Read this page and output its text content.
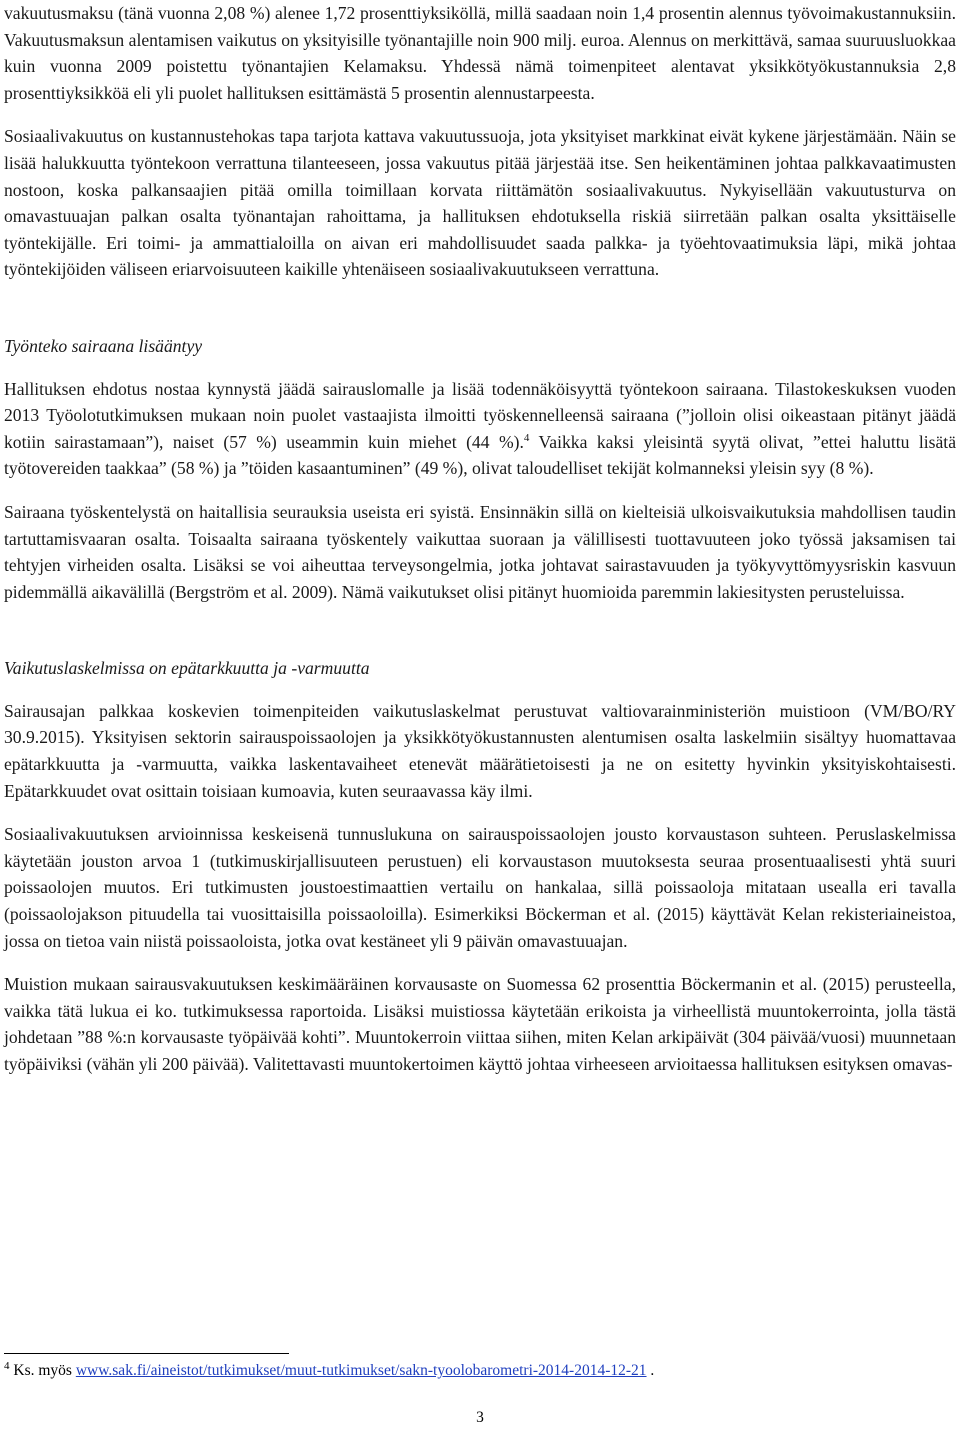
vakuutusmaksu (tänä vuonna 2,08 %) alenee 1,72 prosenttiyksiköllä, millä saadaan noin 1,4 prosentin alennus työvoimakustannuksiin. Vakuutusmaksun alentamisen vaikutus on yksityisille työnantajille noin 900 milj. euroa. Alennus on merkittävä, samaa suuruusluokkaa kuin vuonna 2009 poistettu työnantajien Kelamaksu. Yhdessä nämä toimenpiteet alentavat yksikkötyökustannuksia 2,8 prosenttiyksikköä eli yli puolet hallituksen esittämästä 5 prosentin alennustarpeesta.

Sosiaalivakuutus on kustannustehokas tapa tarjota kattava vakuutussuoja, jota yksityiset markkinat eivät kykene järjestämään. Näin se lisää halukkuutta työntekoon verrattuna tilanteeseen, jossa vakuutus pitää järjestää itse. Sen heikentäminen johtaa palkkavaatimusten nostoon, koska palkansaajien pitää omilla toimillaan korvata riittämätön sosiaalivakuutus. Nykyisellään vakuutusturva on omavastuuajan palkan osalta työnantajan rahoittama, ja hallituksen ehdotuksella riskiä siirretään palkan osalta yksittäiselle työntekijälle. Eri toimi- ja ammattialoilla on aivan eri mahdollisuudet saada palkka- ja työehtovaatimuksia läpi, mikä johtaa työntekijöiden väliseen eriarvoisuuteen kaikille yhtenäiseen sosiaalivakuutukseen verrattuna.

Työnteko sairaana lisääntyy

Hallituksen ehdotus nostaa kynnystä jäädä sairauslomalle ja lisää todennäköisyyttä työntekoon sairaana. Tilastokeskuksen vuoden 2013 Työolotutkimuksen mukaan noin puolet vastaajista ilmoitti työskennelleensä sairaana (”jolloin olisi oikeastaan pitänyt jäädä kotiin sairastamaan”), naiset (57 %) useammin kuin miehet (44 %).$^4$ Vaikka kaksi yleisintä syytä olivat, ”ettei haluttu lisätä työtovereiden taakkaa” (58 %) ja ”töiden kasaantuminen” (49 %), olivat taloudelliset tekijät kolmanneksi yleisin syy (8 %).

Sairaana työskentelystä on haitallisia seurauksia useista eri syistä. Ensinnäkin sillä on kielteisiä ulkoisvaikutuksia mahdollisen taudin tartuttamisvaaran osalta. Toisaalta sairaana työskentely vaikuttaa suoraan ja välillisesti tuottavuuteen joko työssä jaksamisen tai tehtyjen virheiden osalta. Lisäksi se voi aiheuttaa terveysongelmia, jotka johtavat sairastavuuden ja työkyvyttömyysriskin kasvuun pidemmällä aikavälillä (Bergström et al. 2009). Nämä vaikutukset olisi pitänyt huomioida paremmin lakiesitysten perusteluissa.

Vaikutuslaskelmissa on epätarkkuutta ja -varmuutta

Sairausajan palkkaa koskevien toimenpiteiden vaikutuslaskelmat perustuvat valtiovarainministeriön muistioon (VM/BO/RY 30.9.2015). Yksityisen sektorin sairauspoissaolojen ja yksikkötyökustannusten alentumisen osalta laskelmiin sisältyy huomattavaa epätarkkuutta ja -varmuutta, vaikka laskentavaiheet etenevät määrätietoisesti ja ne on esitetty hyvinkin yksityiskohtaisesti. Epätarkkuudet ovat osittain toisiaan kumoavia, kuten seuraavassa käy ilmi.

Sosiaalivakuutuksen arvioinnissa keskeisenä tunnuslukuna on sairauspoissaolojen jousto korvaustason suhteen. Peruslaskelmissa käytetään jouston arvoa 1 (tutkimuskirjallisuuteen perustuen) eli korvaustason muutoksesta seuraa prosentuaalisesti yhtä suuri poissaolojen muutos. Eri tutkimusten joustoestimaattien vertailu on hankalaa, sillä poissaoloja mitataan usealla eri tavalla (poissaolojakson pituudella tai vuosittaisilla poissaoloilla). Esimerkiksi Böckerman et al. (2015) käyttävät Kelan rekisteriaineistoa, jossa on tietoa vain niistä poissaoloista, jotka ovat kestäneet yli 9 päivän omavastuuajan.

Muistion mukaan sairausvakuutuksen keskimääräinen korvausaste on Suomessa 62 prosenttia Böckermanin et al. (2015) perusteella, vaikka tätä lukua ei ko. tutkimuksessa raportoida. Lisäksi muistiossa käytetään erikoista ja virheellistä muuntokerrointa, jolla tästä johdetaan ”88 %:n korvausaste työpäivää kohti”. Muuntokerroin viittaa siihen, miten Kelan arkipäivät (304 päivää/vuosi) muunnetaan työpäiviksi (vähän yli 200 päivää). Valitettavasti muuntokertoimen käyttö johtaa virheeseen arvioitaessa hallituksen esityksen omavas-

$^4$ Ks. myös www.sak.fi/aineistot/tutkimukset/muut-tutkimukset/sakn-tyoolobarometri-2014-2014-12-21 .
3
